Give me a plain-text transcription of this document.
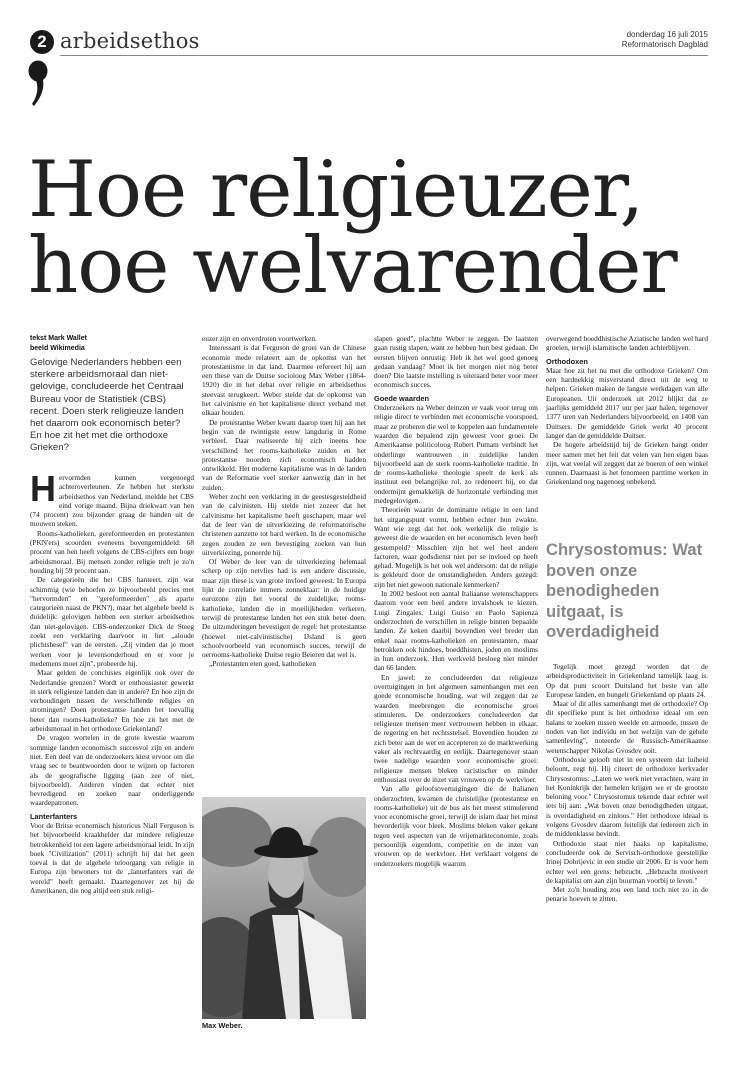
2 arbeidsethos	donderdag 16 juli 2015
Reformatorisch Dagblad
Hoe religieuzer,
hoe welvarender
tekst Mark Wallet
beeld Wikimedia
Gelovige Nederlanders hebben een sterkere arbeidsmoraal dan niet-gelovige, concludeerde het Centraal Bureau voor de Statistiek (CBS) recent. Doen sterk religieuze landen het daarom ook economisch beter? En hoe zit het met die orthodoxe Grieken?

Hervormden kunnen vergenoegd achteroverleunen. Ze hebben het sterkste arbeidsethos van Nederland, meldde het CBS eind vorige maand. Bijna driekwart van hen (74 procent) zou bijzonder graag de handen uit de mouwen steken.

Rooms-katholieken, gereformeerden en protestanten (PKN'ers) scoorden eveneens bovengemiddeld: 68 procent van hen heeft volgens de CBS-cijfers een hoge arbeidsmoraal. Bij mensen zonder religie treft je zo'n houding bij 59 procent aan.

De categorieën die het CBS hanteert, zijn wat schimmig (wie behoefen ze bijvoorbeeld precies met "hervormden" en "gereformeerden" als aparte categorieën naast de PKN?), maar het algehele beeld is duidelijk: gelovigen hebben een sterker arbeidsethos dan niet-gelovigen. CBS-onderzoeker Dick de Steeg zoekt een verklaring daarvoor in het „aloude plichtsbesef" van de eersten. „Zij vinden dat je moet werken voor je levensonderhoud en er voor je medemens moet zijn", probeerde hij.

Maar gelden de conclusies eigenlijk ook over de Nederlandse grenzen? Wordt er enthousiaster gewerkt in sterk religieuze landen dan in andere? En hoe zijn de verhoudingen tussen de verschillende religies en stromingen? Doen protestantse landen het toevallig beter dan rooms-katholieke? En hoe zit het met de arbeidsmoraal in het orthodoxe Griekenland?

De vragen wortelen in de grote kwestie waarom sommige landen economisch succesvol zijn en andere niet. Een deel van de onderzoekers kiest ervoor om die vraag sec te beantwoorden door te wijzen op factoren als de geografische ligging (aan zee of niet, bijvoorbeeld). Anderen vinden dat echter niet bevredigend en zoeken naar onderliggende waardepatronen.

Lanterfanters

Voor de Britse economisch historicus Niall Ferguson is het bijvoorbeeld kraakhelder dat mindere religieuze betrokkenheid tot een lagere arbeidsmoraal leidt. In zijn boek "Civilization" (2011) schrijft hij dat het geen toeval is dat de algehele teloorgang van religie in Europa zijn bewoners tot de „lanterfanters van de wereld" heeft gemaakt. Daartegenover zet hij de Amerikanen, die nog altijd een stuk religi-

euzer zijn en onverdroten voortwerken.

Interessant is dat Ferguson de groei van de Chinese economie mede relateert aan de opkomst van het protestantisme in dat land. Daarmee refereert hij aan een these van de Duitse socioloog Max Weber (1864-1920) die in het debat over religie en arbeidsethos steevast terugkeert. Weber stelde dat de opkomst van het calvinisme en het kapitalisme direct verband met elkaar houden.

De protestantse Weber kwam daarop toen hij aan het begin van de twintigste eeuw langdurig in Rome verbleef. Daar realiseerde hij zich ineens hoe verschillend het rooms-katholieke zuiden en het protestantse noorden zich economisch hadden ontwikkeld. Het moderne kapitalisme was in de landen van de Reformatie veel sterker aanwezig dan in het zuiden.

Weber zocht een verklaring in de geestesgesteldheid van de calvinisten. Hij stelde niet zozeer dat het calvinisme het kapitalisme heeft geschapen, maar wel dat de leer van de uitverkiezing de reformatorische christenen aanzette tot hard werken. In de economische zegen zouden ze een bevestiging zoeken van hun uitverkiezing, poneerde hij.

Of Weber de leer van de uitverkiezing helemaal scherp op zijn netvlies had is een andere discussie, maar zijn these is van grote invloed geweest. In Europa lijkt de correlatie immers zonneklaar: in de huidige eurozone zijn het vooral de zuidelijke, rooms-katholieke, landen die in moeilijkheden verkeren, terwijl de protestantse landen het een stuk beter doen. De uitzonderingen bevestigen de regel: het protestantse (hoewel niet-calvinistische) IJsland is geen schoolvoorbeeld van economisch succes, terwijl de oerrooms-katholieke Duitse regio Beieren dat wel is.

„Protestanten eten goed, katholieken

Max Weber.

slapen goed", plachtte Weber te zeggen. De laatsten gaan rustig slapen, want ze hebben hun best gedaan. De eersten blijven onrustig: Heb ik het wel goed genoeg gedaan vandaag? Moet ik het morgen niet nóg beter doen? Die laatste instelling is uiteraard beter voor meer economisch succes.

Goede waarden

Onderzoekers na Weber deinzen er vaak voor terug om religie direct te verbinden met economische voorspoed, maar ze proberen die wel te koppelen aan fundamentele waarden die bepalend zijn geweest voor groei. De Amerikaanse politicoloog Robert Putnam verbindt het onderlinge wantrouwen in zuidelijke landen bijvoorbeeld aan de sterk rooms-katholieke traditie. In de rooms-katholieke theologie speelt de kerk als instituut een belangrijke rol, zo redeneert hij, en dat ondermijnt gemakkelijk de horizontale verbinding met medegelovigen.

Theorieën waarin de dominante religie in een land het uitgangspunt vormt, hebben echter hun zwakte. Want wie zegt dat het ook werkelijk die religie is geweest die de waarden en het economisch leven heeft gestempeld? Misschien zijn het wel heel andere factoren, waar godsdienst niet per se invloed op heeft gehad. Mogelijk is het ook wel andersom: dat de religie is gekleurd door de omstandigheden. Anders gezegd: zijn het niet gewoon nationale kenmerken?

In 2002 besloot een aantal Italiaanse wetenschappers daarom voor een heel andere invalshoek te kiezen. Luigi Zingales, Luigi Guiso en Paolo Sapienza onderzochten de verschillen in religie binnen bepaalde landen. Ze keken daarbij bovendien veel breder dan enkel naar rooms-katholieken en protestanten, maar betrokken ook hindoes, boeddhisten, joden en moslims in hun onderzoek. Hun werkveld besloeg niet minder dan 66 landen.

En jawel: ze concludeerden dat religieuze overtuigingen in het algemeen samenhangen met een goede economische houding, wat wil zeggen dat ze waarden meebrengen die economische groei stimuleren. De onderzoekers concludeerden dat religieuze mensen meer vertrouwen hebben in elkaar, de regering en het rechtsstelsel. Bovendien houden ze zich beter aan de wet en accepteren ze de marktwerking vaker als rechtvaardig en eerlijk. Daartegenover staan twee nadelige waarden voor economische groei: religieuze mensen bleken racistischer en minder enthousiast over de inzet van vrouwen op de werkvloer.

Van alle geloofsovertuigingen die de Italianen onderzochten, kwamen de christelijke (protestantse en rooms-katholieke) uit de bus als het meest stimulerend voor economische groei, terwijl de islam daar het minst bevorderlijk voor bleek. Moslims bleken vaker gekant tegen veel aspecten van de vrijemarkteconomie, zoals persoonlijk eigendom, competitie en de inzet van vrouwen op de werkvloer. Het verklaart volgens de onderzoekers mogelijk waarom

overwegend boeddhistische Aziatische landen wel hard groeien, terwijl islamitische landen achterblijven.

Orthodoxen

Maar hoe zit het nu met die orthodoxe Grieken? Om een hardnekkig misverstand direct uit de weg te helpen: Grieken maken de langste werkdagen van alle Europeanen. Uit onderzoek uit 2012 blijkt dat ze jaarlijks gemiddeld 2017 uur per jaar halen, tegenover 1377 uren van Nederlanders bijvoorbeeld, en 1408 van Duitsers. De gemiddelde Griek werkt 40 procent langer dan de gemiddelde Duitser.

De hogere arbeidstijd bij de Grieken hangt onder meer samen met het feit dat velen van hen eigen baas zijn, wat veelal wil zeggen dat ze boeren of een winkel runnen. Daarnaast is het fenomeen parttime werken in Griekenland nog nagenoeg onbekend.

Chrysostomus: Wat boven onze benodigheden uitgaat, is overdadigheid

Tegelijk moet gezegd worden dat de arbeidsproductiviteit in Griekenland tamelijk laag is. Op dat punt scoort Duitsland het beste van alle Europese landen, en bungelt Griekenland op plaats 24.

Maar of dit alles samenhangt met de orthodoxie? Op dit specifieke punt is het orthodoxe ideaal om een balans te zoeken tussen weelde en armoede, tussen de noden van het individu en het welzijn van de gehele samenleving", noteerde de Russisch-Amerikaanse wetenschapper Nikolas Gvosdev ooit.

Orthodoxie gelooft niet in een systeem dat luiheid beloont, zegt hij. Hij citeert de orthodoxe kerkvader Chrysostomus: „Laten we werk niet verachten, want in het Koninkrijk der hemelen krijgen we er de grootste beloning voor." Chrysostomus tekende daar echter wel iets bij aan: „Wat boven onze benodigdheden uitgaat, is overdadigheid en zinloos." Het orthodoxe ideaal is volgens Gvosdev daarom feitelijk dat iedereen zich in de middenklasse bevindt.

Orthodoxie staat niet haaks op kapitalisme, concludeerde ook de Servisch-orthodoxe geestelijke Irinej Dobrijevic in een studie uit 2006. Er is voor hem echter wel een grens: hebzucht. „Hebzucht motiveert de kapitalist om aan zijn buurman voorbij te leven."

Met zo'n houding zou een land toch niet zo in de penarie hoeven te zitten.
